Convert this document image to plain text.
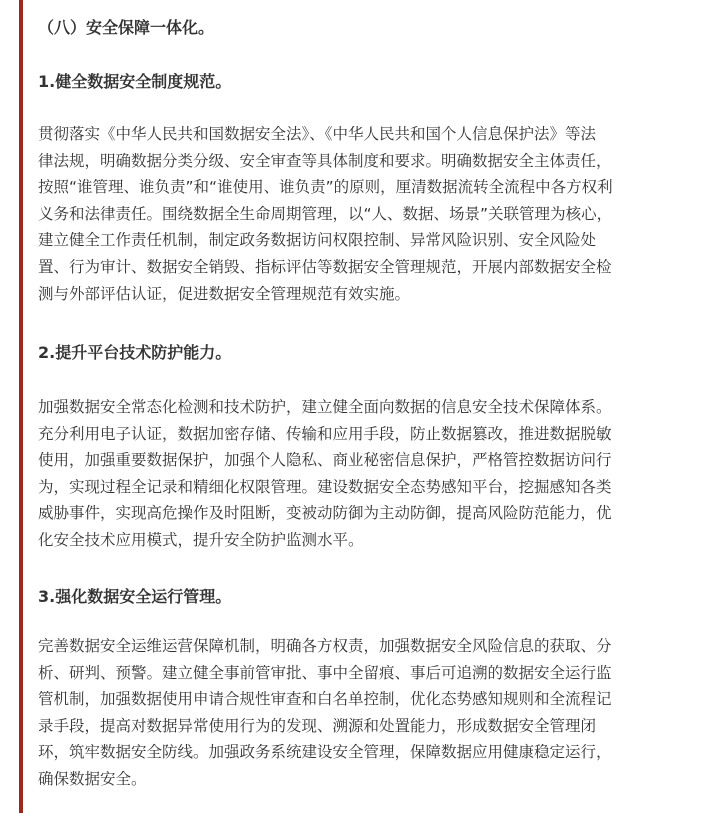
（八）安全保障一体化。
1.健全数据安全制度规范。

贯彻落实《中华人民共和国数据安全法》、《中华人民共和国个人信息保护法》等法
律法规，明确数据分类分级、安全审查等具体制度和要求。明确数据安全主体责任，
按照“谁管理、谁负责”和“谁使用、谁负责”的原则，厘清数据流转全流程中各方权利
义务和法律责任。围绕数据全生命周期管理，以“人、数据、场景”关联管理为核心，
建立健全工作责任机制，制定政务数据访问权限控制、异常风险识别、安全风险处
置、行为审计、数据安全销毁、指标评估等数据安全管理规范，开展内部数据安全检
测与外部评估认证，促进数据安全管理规范有效实施。

2.提升平台技术防护能力。

加强数据安全常态化检测和技术防护，建立健全面向数据的信息安全技术保障体系。
充分利用电子认证，数据加密存储、传输和应用手段，防止数据篡改，推进数据脱敏
使用，加强重要数据保护，加强个人隐私、商业秘密信息保护，严格管控数据访问行
为，实现过程全记录和精细化权限管理。建设数据安全态势感知平台，挖掘感知各类
威胁事件，实现高危操作及时阻断，变被动防御为主动防御，提高风险防范能力，优
化安全技术应用模式，提升安全防护监测水平。

3.强化数据安全运行管理。

完善数据安全运维运营保障机制，明确各方权责，加强数据安全风险信息的获取、分
析、研判、预警。建立健全事前管审批、事中全留痕、事后可追溯的数据安全运行监
管机制，加强数据使用申请合规性审查和白名单控制，优化态势感知规则和全流程记
录手段，提高对数据异常使用行为的发现、溯源和处置能力，形成数据安全管理闭
环，筑牢数据安全防线。加强政务系统建设安全管理，保障数据应用健康稳定运行，
确保数据安全。
